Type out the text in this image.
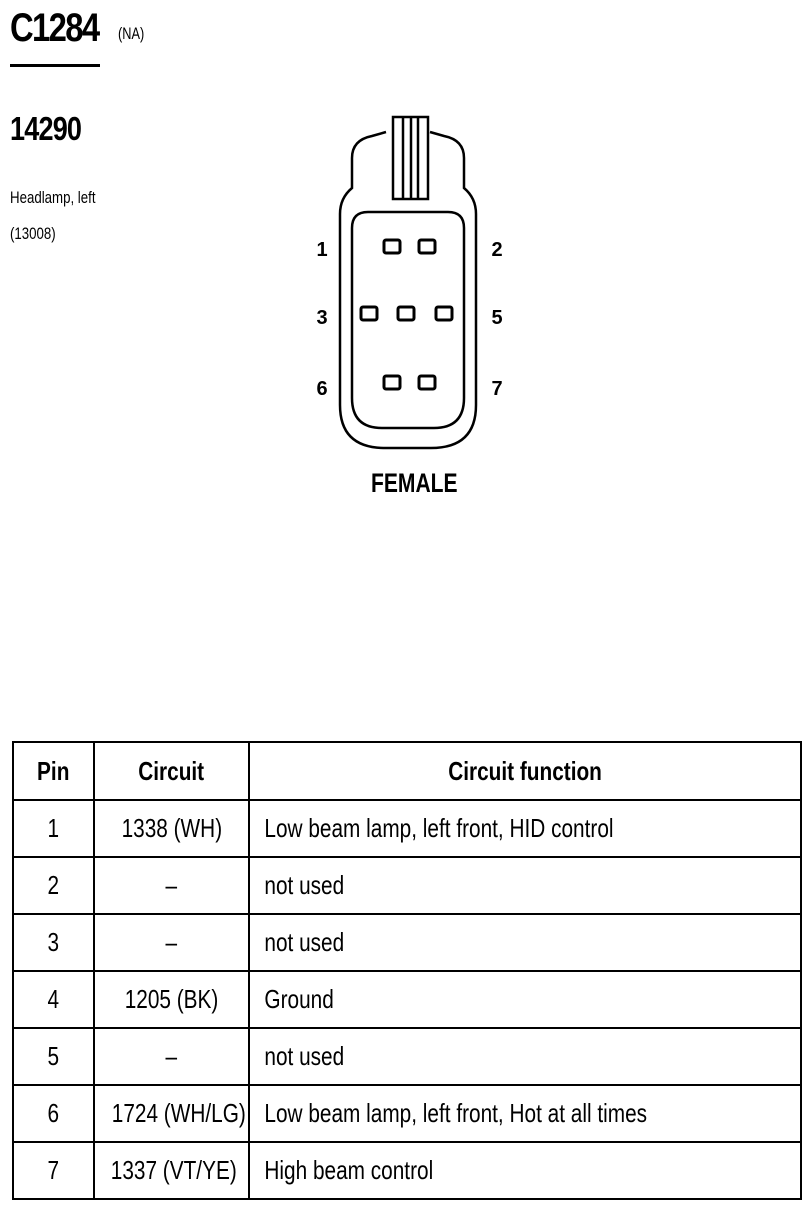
C1284 (NA)
14290
Headlamp, left
(13008)
1	2
3	5
6	7
FEMALE
Pin	Circuit	Circuit function
1	1338 (WH)	Low beam lamp, left front, HID control
2	–	not used
3	–	not used
4	1205 (BK)	Ground
5	–	not used
6	1724 (WH/LG)	Low beam lamp, left front, Hot at all times
7	1337 (VT/YE)	High beam control
